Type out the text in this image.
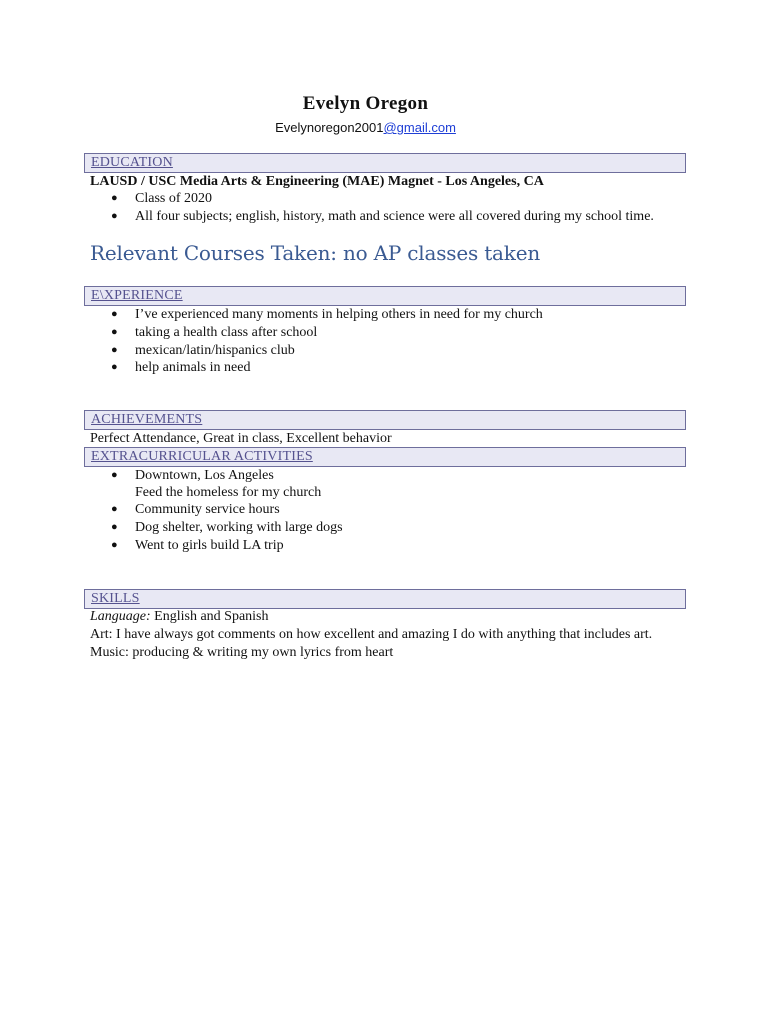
Evelyn Oregon
Evelynoregon2001@gmail.com
EDUCATION
LAUSD / USC Media Arts & Engineering (MAE) Magnet - Los Angeles, CA
● Class of 2020
● All four subjects; english, history, math and science were all covered during my school time.
Relevant Courses Taken: no AP classes taken
E\XPERIENCE
● I’ve experienced many moments in helping others in need for my church
● taking a health class after school
● mexican/latin/hispanics club
● help animals in need
ACHIEVEMENTS
Perfect Attendance, Great in class, Excellent behavior
EXTRACURRICULAR ACTIVITIES
● Downtown, Los Angeles
Feed the homeless for my church
● Community service hours
● Dog shelter, working with large dogs
● Went to girls build LA trip
SKILLS
Language: English and Spanish
Art: I have always got comments on how excellent and amazing I do with anything that includes art.
Music: producing & writing my own lyrics from heart
